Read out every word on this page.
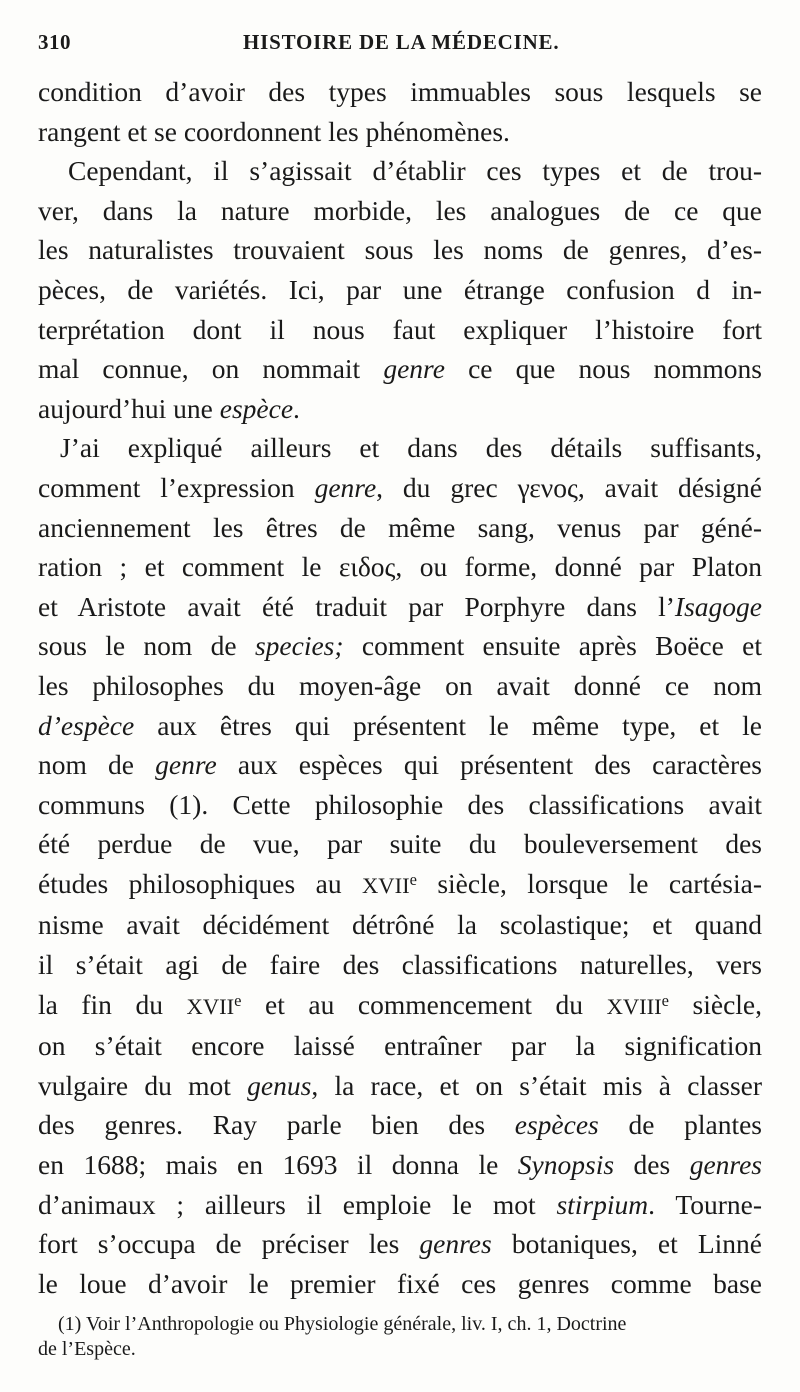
310	HISTOIRE DE LA MÉDECINE.

condition d’avoir des types immuables sous lesquels se

rangent et se coordonnent les phénomènes.

Cependant, il s’agissait d’établir ces types et de trou-

ver, dans la nature morbide, les analogues de ce que

les naturalistes trouvaient sous les noms de genres, d’es-

pèces, de variétés. Ici, par une étrange confusion d in-

terprétation dont il nous faut expliquer l’histoire fort

mal connue, on nommait genre ce que nous nommons

aujourd’hui une espèce.

J’ai expliqué ailleurs et dans des détails suffisants,

comment l’expression genre, du grec γενος, avait désigné

anciennement les êtres de même sang, venus par géné-

ration ; et comment le ειδος, ou forme, donné par Platon

et Aristote avait été traduit par Porphyre dans l’Isagoge

sous le nom de species; comment ensuite après Boëce et

les philosophes du moyen-âge on avait donné ce nom

d’espèce aux êtres qui présentent le même type, et le

nom de genre aux espèces qui présentent des caractères

communs (1). Cette philosophie des classifications avait

été perdue de vue, par suite du bouleversement des

études philosophiques au XVIIe siècle, lorsque le cartésia-

nisme avait décidément détrôné la scolastique; et quand

il s’était agi de faire des classifications naturelles, vers

la fin du XVIIe et au commencement du XVIIIe siècle,

on s’était encore laissé entraîner par la signification

vulgaire du mot genus, la race, et on s’était mis à classer

des genres. Ray parle bien des espèces de plantes

en 1688; mais en 1693 il donna le Synopsis des genres

d’animaux ; ailleurs il emploie le mot stirpium. Tourne-

fort s’occupa de préciser les genres botaniques, et Linné

le loue d’avoir le premier fixé ces genres comme base

(1) Voir l’Anthropologie ou Physiologie générale, liv. I, ch. 1, Doctrine
de l’Espèce.
